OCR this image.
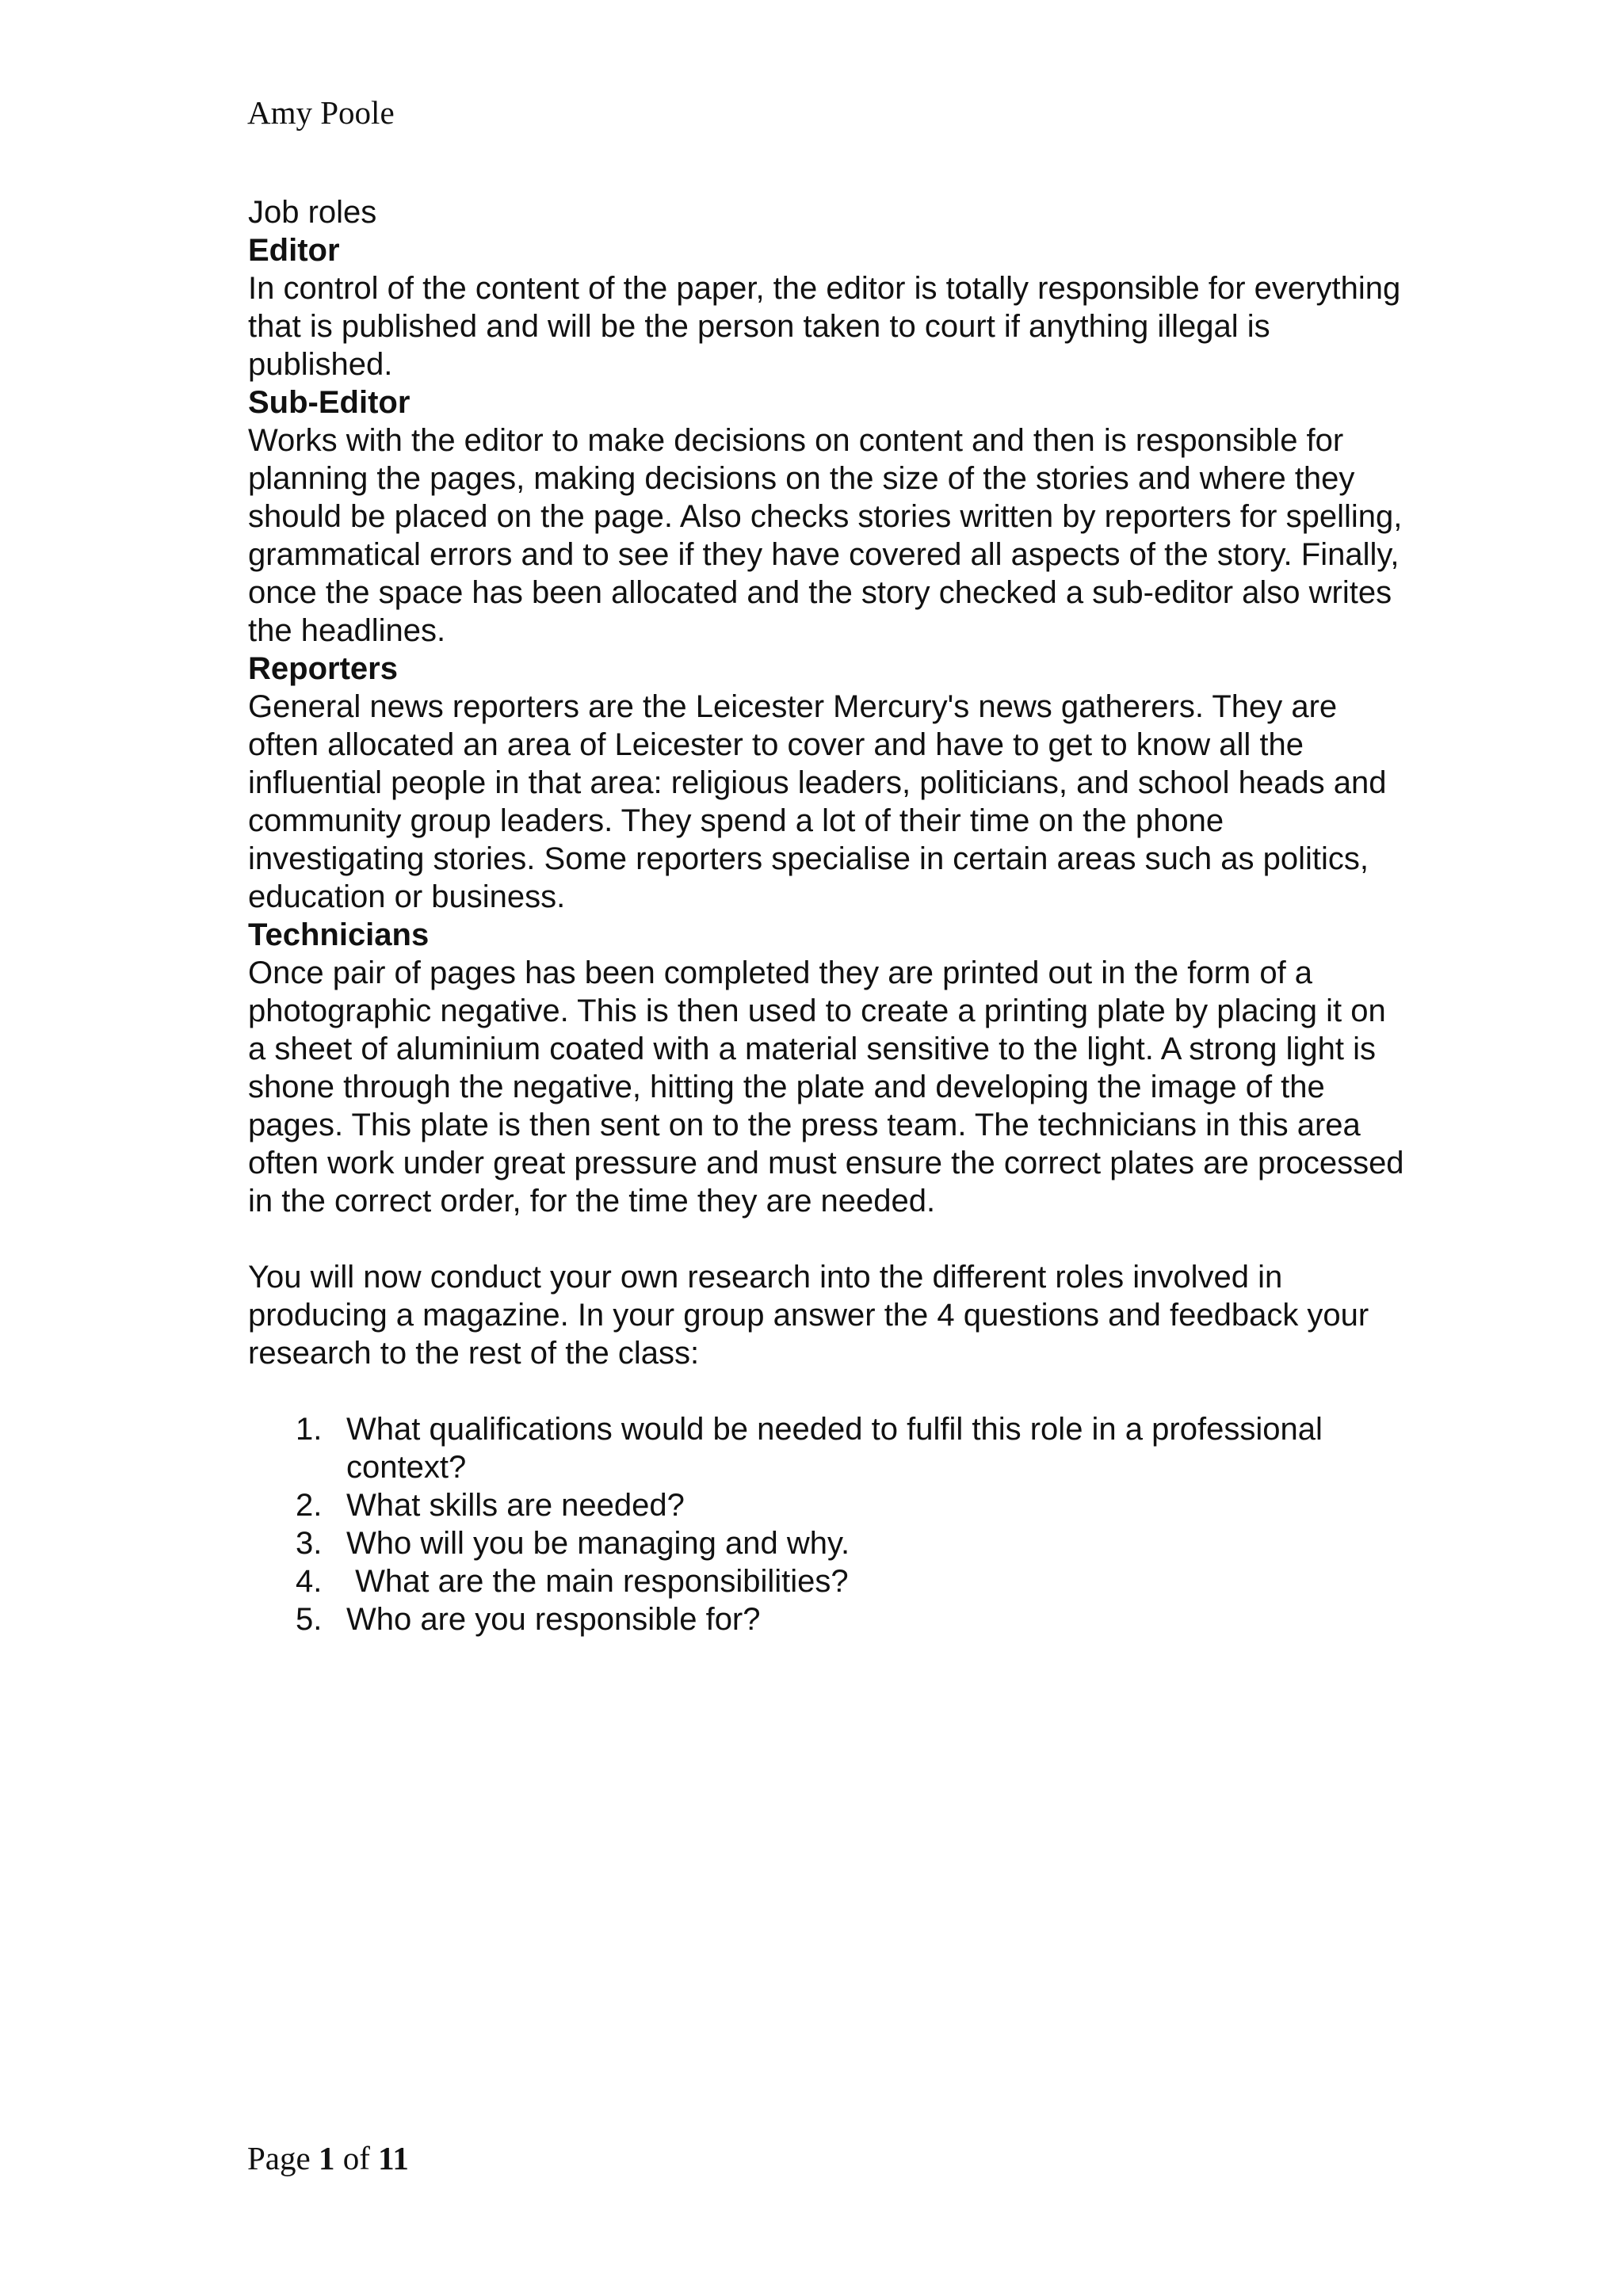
Amy Poole

Job roles

Editor

In control of the content of the paper, the editor is totally responsible for everything that is published and will be the person taken to court if anything illegal is published.

Sub-Editor

Works with the editor to make decisions on content and then is responsible for planning the pages, making decisions on the size of the stories and where they should be placed on the page. Also checks stories written by reporters for spelling, grammatical errors and to see if they have covered all aspects of the story. Finally, once the space has been allocated and the story checked a sub-editor also writes the headlines.

Reporters

General news reporters are the Leicester Mercury's news gatherers. They are often allocated an area of Leicester to cover and have to get to know all the influential people in that area: religious leaders, politicians, and school heads and community group leaders. They spend a lot of their time on the phone investigating stories. Some reporters specialise in certain areas such as politics, education or business.

Technicians

Once pair of pages has been completed they are printed out in the form of a photographic negative. This is then used to create a printing plate by placing it on a sheet of aluminium coated with a material sensitive to the light. A strong light is shone through the negative, hitting the plate and developing the image of the pages. This plate is then sent on to the press team. The technicians in this area often work under great pressure and must ensure the correct plates are processed in the correct order, for the time they are needed.

You will now conduct your own research into the different roles involved in producing a magazine. In your group answer the 4 questions and feedback your research to the rest of the class:

1. What qualifications would be needed to fulfil this role in a professional context?
2. What skills are needed?
3. Who will you be managing and why.
4. What are the main responsibilities?
5. Who are you responsible for?
Page 1 of 11
